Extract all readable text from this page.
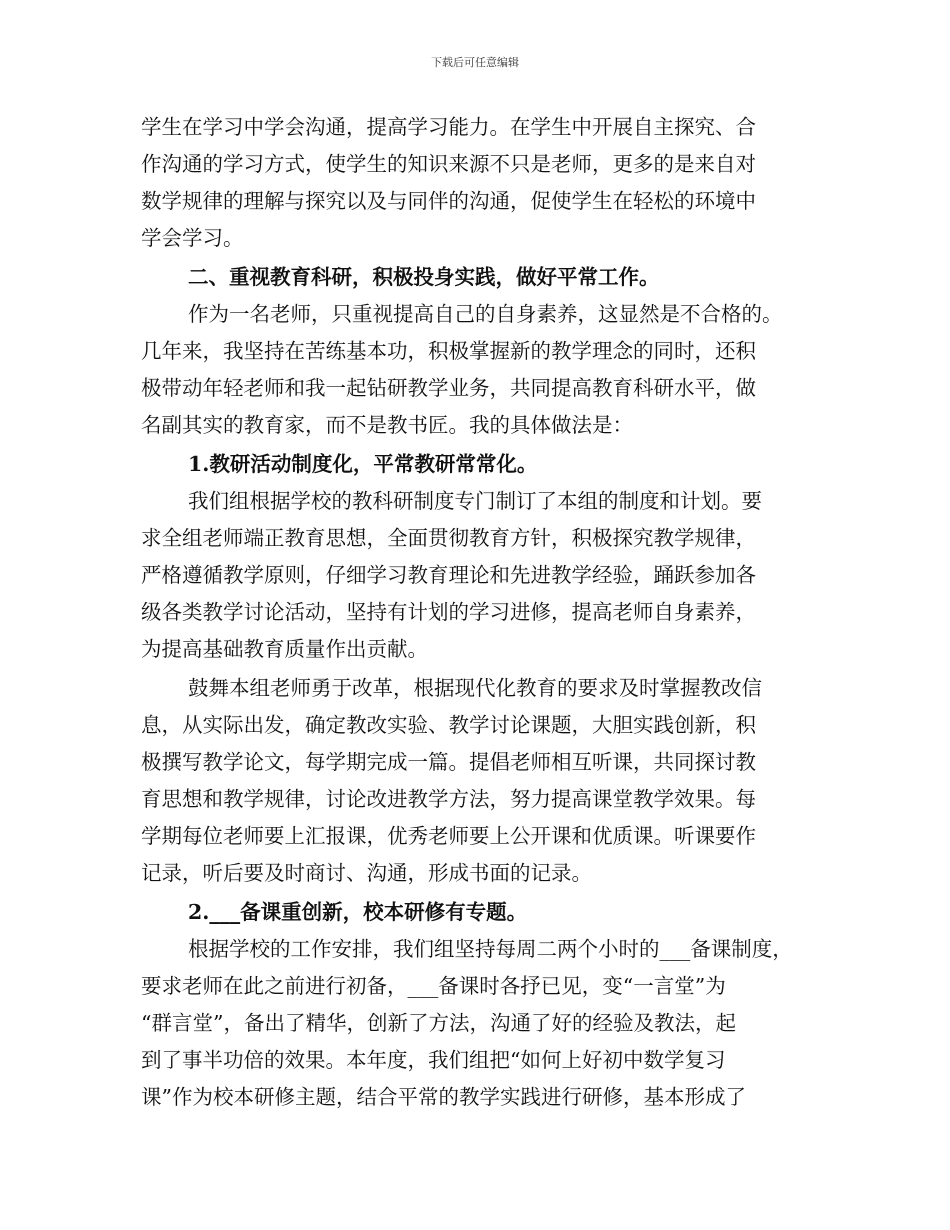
下载后可任意编辑
学生在学习中学会沟通，提高学习能力。在学生中开展自主探究、合
作沟通的学习方式，使学生的知识来源不只是老师，更多的是来自对
数学规律的理解与探究以及与同伴的沟通，促使学生在轻松的环境中
学会学习。
二、重视教育科研，积极投身实践，做好平常工作。
作为一名老师，只重视提高自己的自身素养，这显然是不合格的。
几年来，我坚持在苦练基本功，积极掌握新的教学理念的同时，还积
极带动年轻老师和我一起钻研教学业务，共同提高教育科研水平，做
名副其实的教育家，而不是教书匠。我的具体做法是：
1.教研活动制度化，平常教研常常化。
我们组根据学校的教科研制度专门制订了本组的制度和计划。要
求全组老师端正教育思想，全面贯彻教育方针，积极探究教学规律，
严格遵循教学原则，仔细学习教育理论和先进教学经验，踊跃参加各
级各类教学讨论活动，坚持有计划的学习进修，提高老师自身素养，
为提高基础教育质量作出贡献。
鼓舞本组老师勇于改革，根据现代化教育的要求及时掌握教改信
息，从实际出发，确定教改实验、教学讨论课题，大胆实践创新，积
极撰写教学论文，每学期完成一篇。提倡老师相互听课，共同探讨教
育思想和教学规律，讨论改进教学方法，努力提高课堂教学效果。每
学期每位老师要上汇报课，优秀老师要上公开课和优质课。听课要作
记录，听后要及时商讨、沟通，形成书面的记录。
2.___备课重创新，校本研修有专题。
根据学校的工作安排，我们组坚持每周二两个小时的___备课制度，
要求老师在此之前进行初备，___备课时各抒已见，变“一言堂”为
“群言堂”，备出了精华，创新了方法，沟通了好的经验及教法，起
到了事半功倍的效果。本年度，我们组把“如何上好初中数学复习
课”作为校本研修主题，结合平常的教学实践进行研修，基本形成了
